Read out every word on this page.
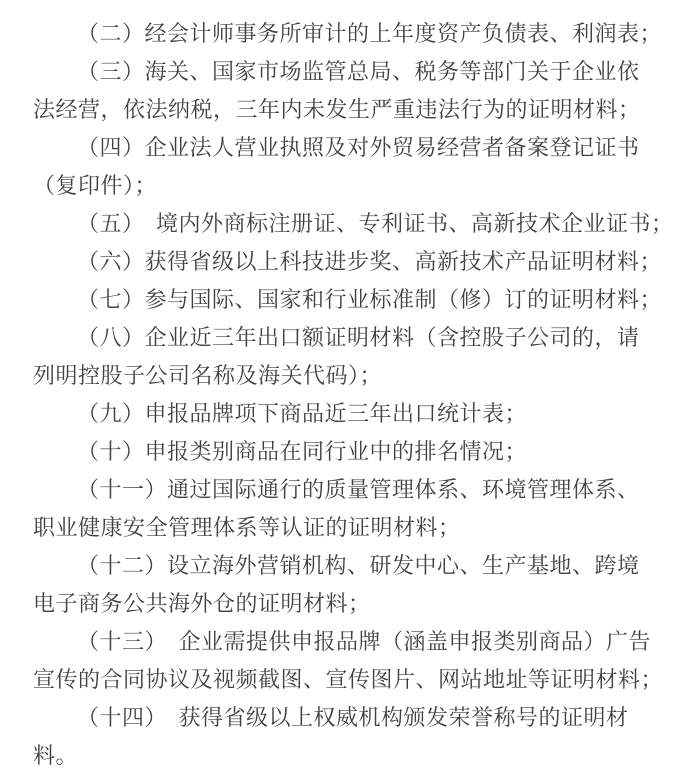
（二）经会计师事务所审计的上年度资产负债表、利润表；
（三）海关、国家市场监管总局、税务等部门关于企业依
法经营，依法纳税，三年内未发生严重违法行为的证明材料；
（四）企业法人营业执照及对外贸易经营者备案登记证书
（复印件）；
（五）　境内外商标注册证、专利证书、高新技术企业证书；
（六）获得省级以上科技进步奖、高新技术产品证明材料；
（七）参与国际、国家和行业标准制（修）订的证明材料；
（八）企业近三年出口额证明材料（含控股子公司的，请
列明控股子公司名称及海关代码）；
（九）申报品牌项下商品近三年出口统计表；
（十）申报类别商品在同行业中的排名情况；
（十一）通过国际通行的质量管理体系、环境管理体系、
职业健康安全管理体系等认证的证明材料；
（十二）设立海外营销机构、研发中心、生产基地、跨境
电子商务公共海外仓的证明材料；
（十三）　企业需提供申报品牌（涵盖申报类别商品）广告
宣传的合同协议及视频截图、宣传图片、网站地址等证明材料；
（十四）　获得省级以上权威机构颁发荣誉称号的证明材
料。
